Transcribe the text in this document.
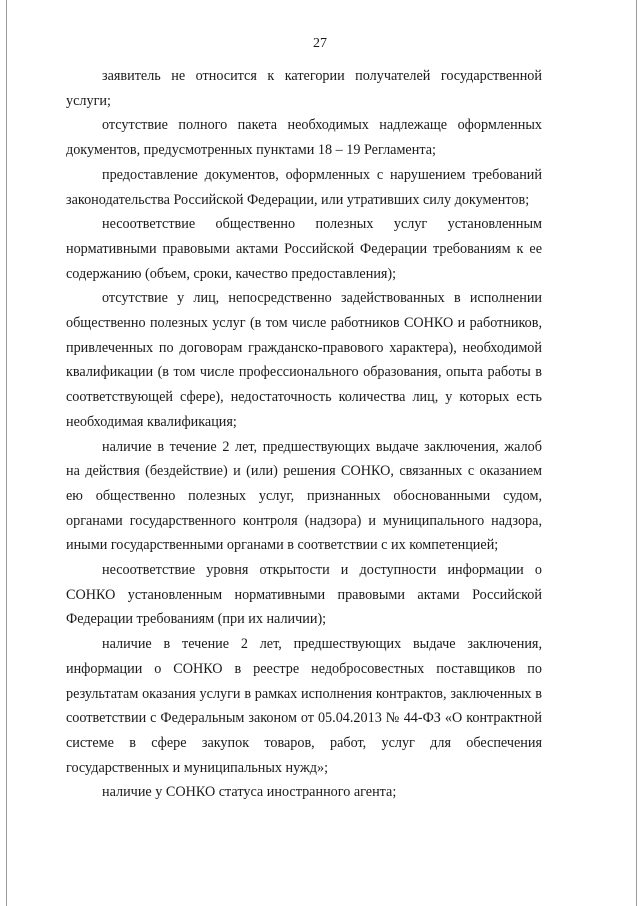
27

заявитель не относится к категории получателей государственной услуги;

отсутствие полного пакета необходимых надлежаще оформленных документов, предусмотренных пунктами 18 – 19 Регламента;

предоставление документов, оформленных с нарушением требований законодательства Российской Федерации, или утративших силу документов;

несоответствие общественно полезных услуг установленным нормативными правовыми актами Российской Федерации требованиям к ее содержанию (объем, сроки, качество предоставления);

отсутствие у лиц, непосредственно задействованных в исполнении общественно полезных услуг (в том числе работников СОНКО и работников, привлеченных по договорам гражданско-правового характера), необходимой квалификации (в том числе профессионального образования, опыта работы в соответствующей сфере), недостаточность количества лиц, у которых есть необходимая квалификация;

наличие в течение 2 лет, предшествующих выдаче заключения, жалоб на действия (бездействие) и (или) решения СОНКО, связанных с оказанием ею общественно полезных услуг, признанных обоснованными судом, органами государственного контроля (надзора) и муниципального надзора, иными государственными органами в соответствии с их компетенцией;

несоответствие уровня открытости и доступности информации о СОНКО установленным нормативными правовыми актами Российской Федерации требованиям (при их наличии);

наличие в течение 2 лет, предшествующих выдаче заключения, информации о СОНКО в реестре недобросовестных поставщиков по результатам оказания услуги в рамках исполнения контрактов, заключенных в соответствии с Федеральным законом от 05.04.2013 № 44-ФЗ «О контрактной системе в сфере закупок товаров, работ, услуг для обеспечения государственных и муниципальных нужд»;

наличие у СОНКО статуса иностранного агента;
